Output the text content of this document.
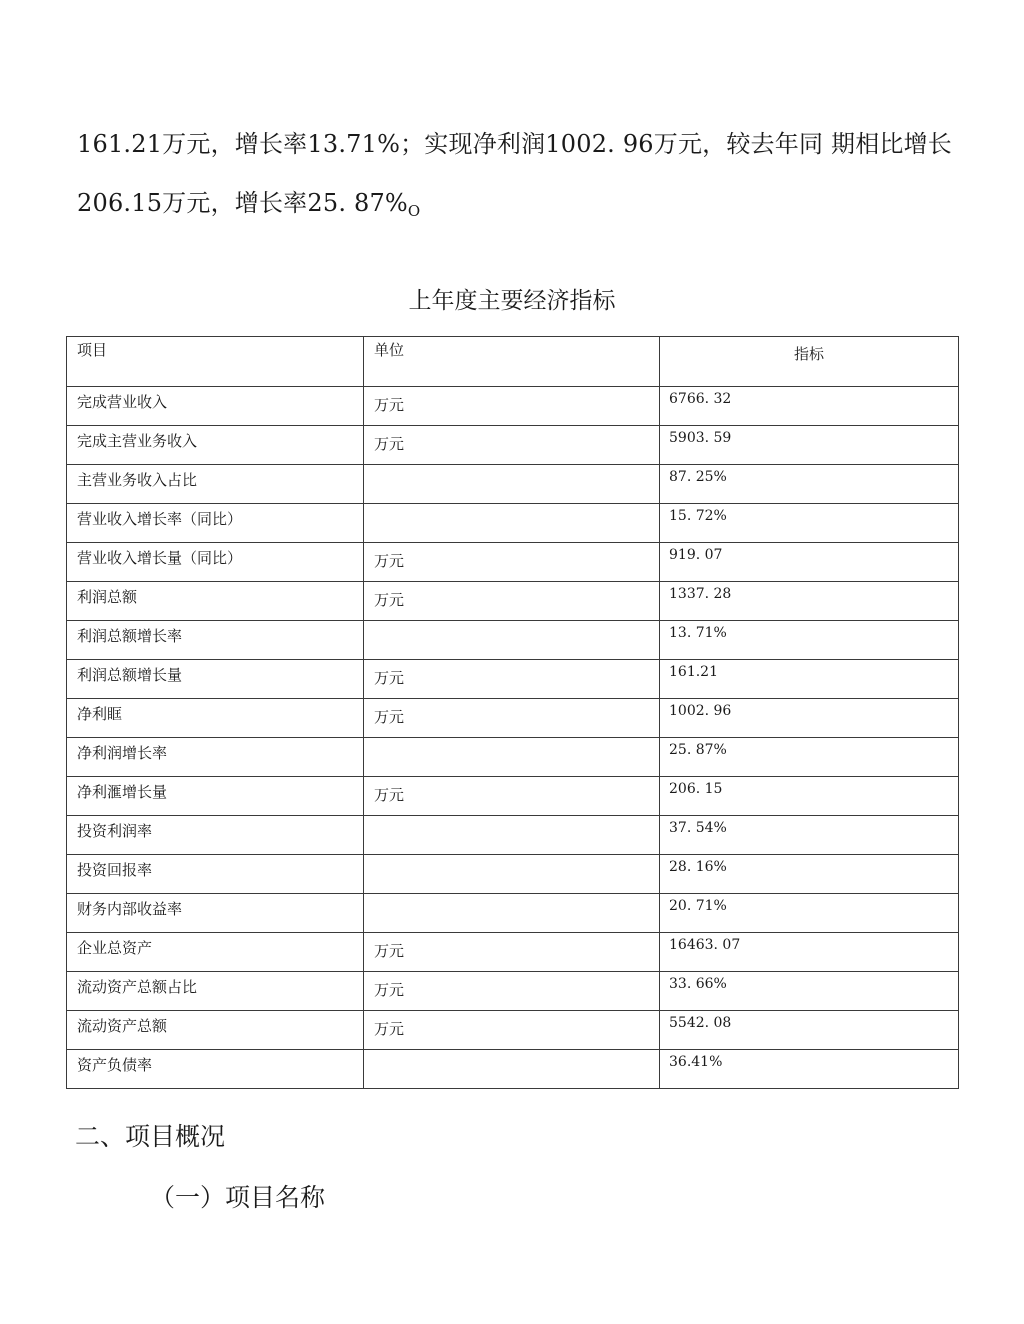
161.21万元，增长率13.71%；实现净利润1002. 96万元，较去年同 期相比增长
206.15万元，增长率25. $87\%_O$
上年度主要经济指标
项目	单位	指标
完成营业收入	万元	6766. 32
完成主营业务收入	万元	5903. 59
主营业务收入占比		87. 25%
营业收入增长率（同比）		15. 72%
营业收入增长量（同比）	万元	919. 07
利润总额	万元	1337. 28
利润总额增长率		13. 71%
利润总额增长量	万元	161.21
净利眶	万元	1002. 96
净利润增长率		25. 87%
净利滙增长量	万元	206. 15
投资利润率		37. 54%
投资回报率		28. 16%
财务内部收益率		20. 71%
企业总资产	万元	16463. 07
流动资产总额占比	万元	33. 66%
流动资产总额	万元	5542. 08
资产负债率		36.41%
二、项目概况
（一）项目名称
